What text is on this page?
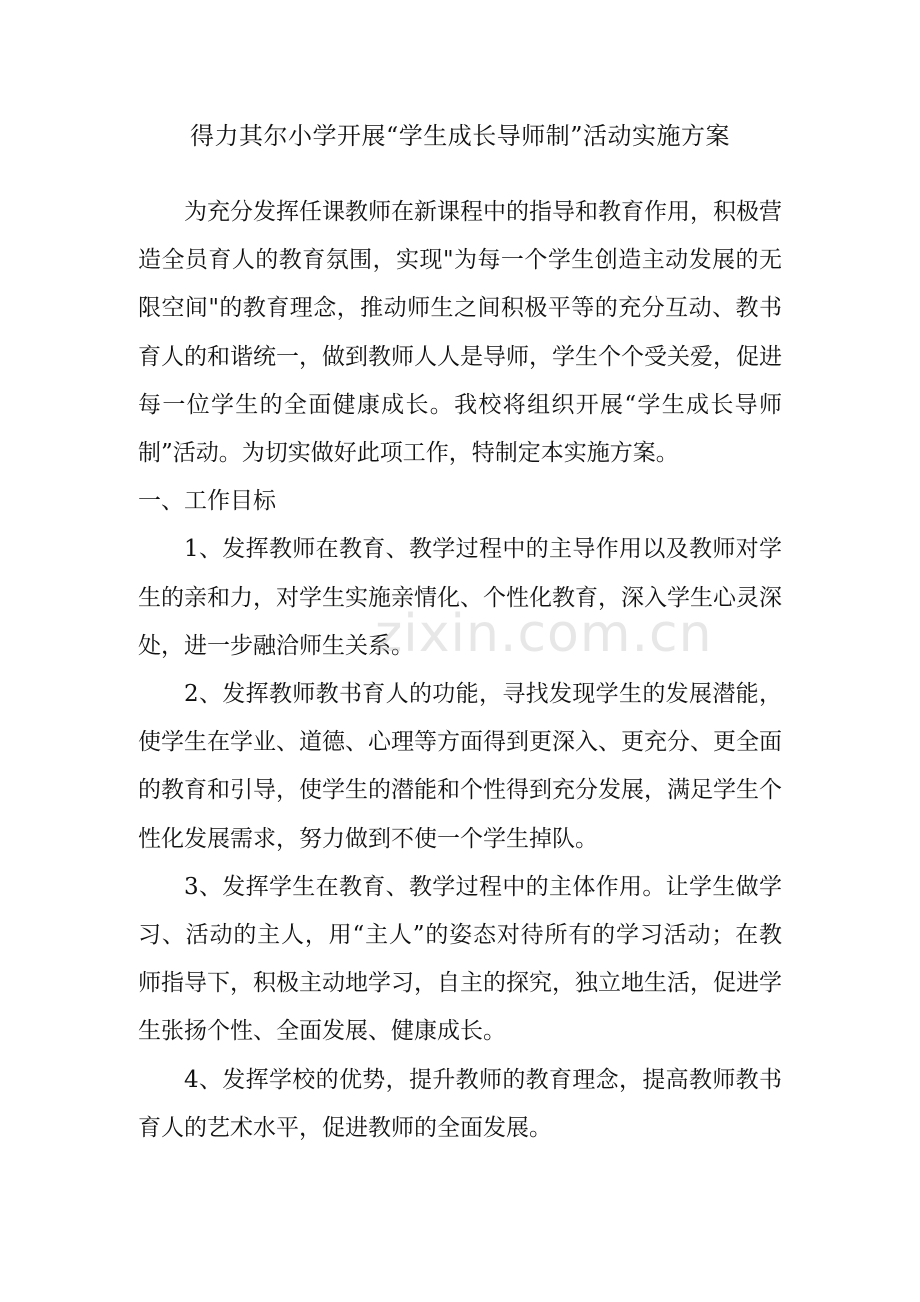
得力其尔小学开展“学生成长导师制”活动实施方案

为充分发挥任课教师在新课程中的指导和教育作用，积极营造全员育人的教育氛围，实现"为每一个学生创造主动发展的无限空间"的教育理念，推动师生之间积极平等的充分互动、教书育人的和谐统一，做到教师人人是导师，学生个个受关爱，促进每一位学生的全面健康成长。我校将组织开展“学生成长导师制”活动。为切实做好此项工作，特制定本实施方案。

一、工作目标

1、发挥教师在教育、教学过程中的主导作用以及教师对学生的亲和力，对学生实施亲情化、个性化教育，深入学生心灵深处，进一步融洽师生关系。

2、发挥教师教书育人的功能，寻找发现学生的发展潜能，使学生在学业、道德、心理等方面得到更深入、更充分、更全面的教育和引导，使学生的潜能和个性得到充分发展，满足学生个性化发展需求，努力做到不使一个学生掉队。

3、发挥学生在教育、教学过程中的主体作用。让学生做学习、活动的主人，用“主人”的姿态对待所有的学习活动；在教师指导下，积极主动地学习，自主的探究，独立地生活，促进学生张扬个性、全面发展、健康成长。

4、发挥学校的优势，提升教师的教育理念，提高教师教书育人的艺术水平，促进教师的全面发展。

zixin.com.cn
